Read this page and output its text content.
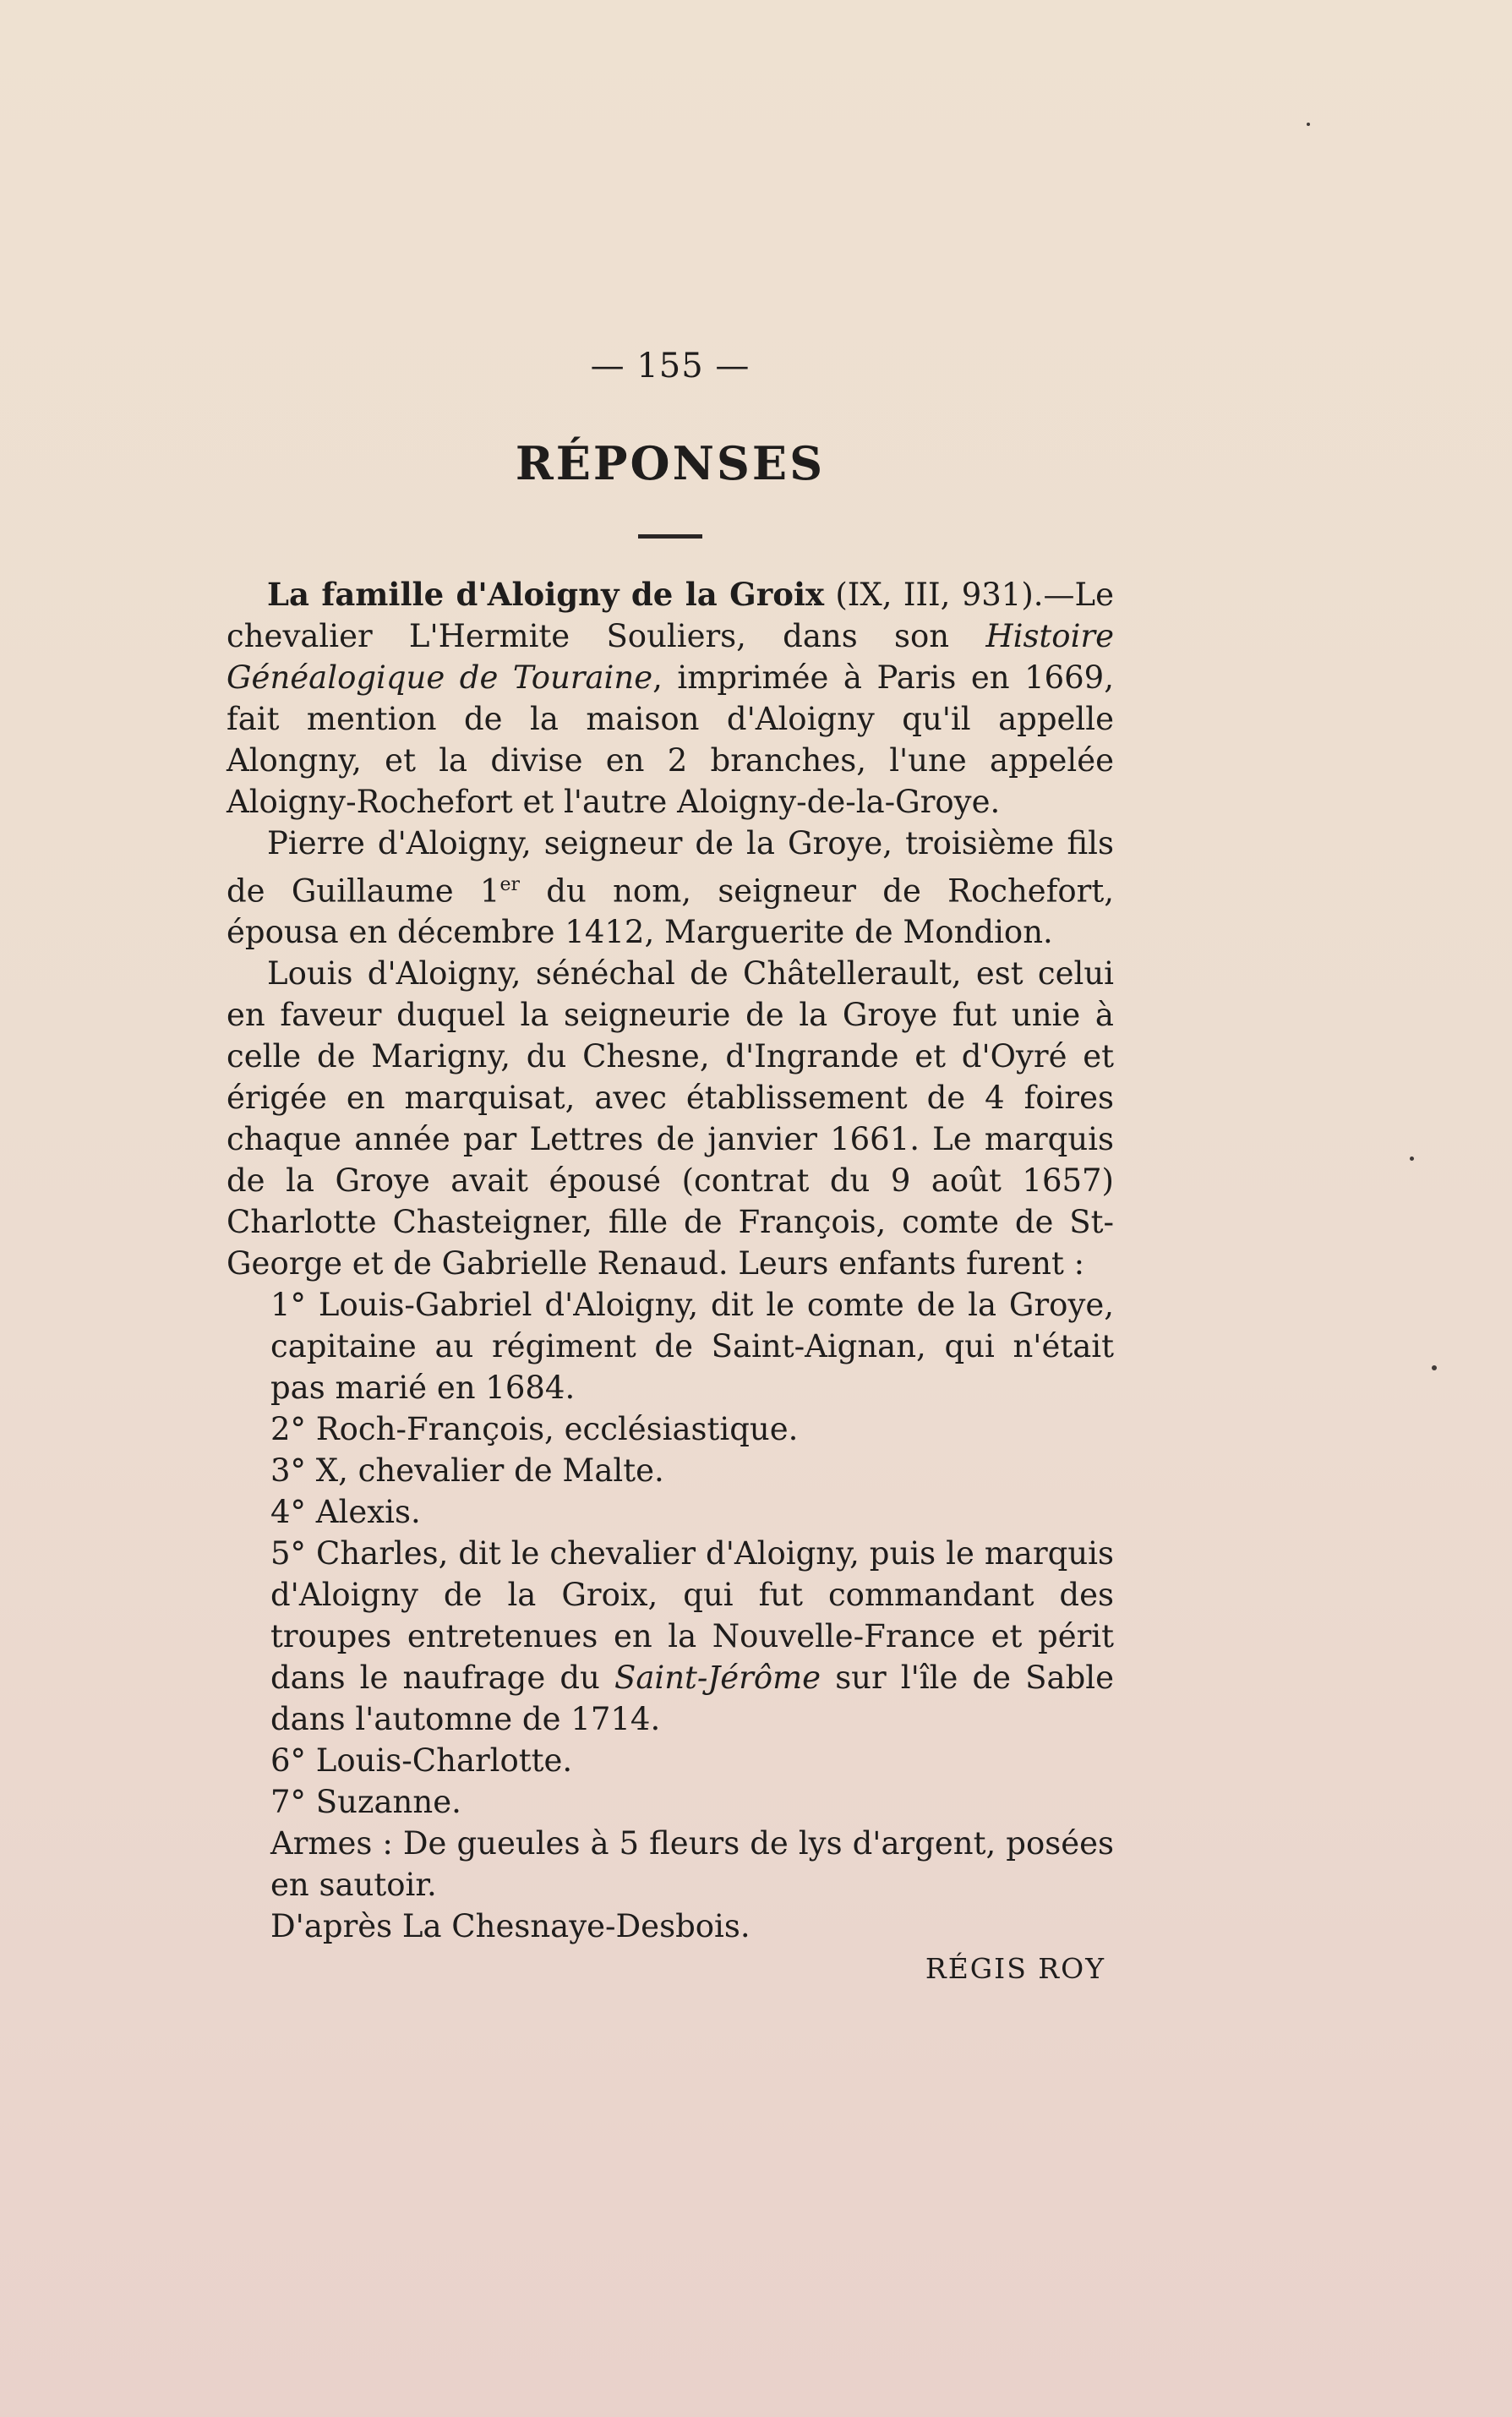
— 155 —
RÉPONSES

La famille d'Aloigny de la Groix (IX, III, 931).—Le chevalier L'Hermite Souliers, dans son Histoire Généalogique de Touraine, imprimée à Paris en 1669, fait mention de la maison d'Aloigny qu'il appelle Alongny, et la divise en 2 branches, l'une appelée Aloigny-Rochefort et l'autre Aloigny-de-la-Groye.

Pierre d'Aloigny, seigneur de la Groye, troisième fils de Guillaume 1er du nom, seigneur de Rochefort, épousa en décembre 1412, Marguerite de Mondion.

Louis d'Aloigny, sénéchal de Châtellerault, est celui en faveur duquel la seigneurie de la Groye fut unie à celle de Marigny, du Chesne, d'Ingrande et d'Oyré et érigée en marquisat, avec établissement de 4 foires chaque année par Lettres de janvier 1661. Le marquis de la Groye avait épousé (contrat du 9 août 1657) Charlotte Chasteigner, fille de François, comte de St-George et de Gabrielle Renaud. Leurs enfants furent :

1° Louis-Gabriel d'Aloigny, dit le comte de la Groye, capitaine au régiment de Saint-Aignan, qui n'était pas marié en 1684.

2° Roch-François, ecclésiastique.

3° X, chevalier de Malte.

4° Alexis.

5° Charles, dit le chevalier d'Aloigny, puis le marquis d'Aloigny de la Groix, qui fut commandant des troupes entretenues en la Nouvelle-France et périt dans le naufrage du Saint-Jérôme sur l'île de Sable dans l'automne de 1714.

6° Louis-Charlotte.

7° Suzanne.

Armes : De gueules à 5 fleurs de lys d'argent, posées en sautoir.

D'après La Chesnaye-Desbois.

RÉGIS ROY
